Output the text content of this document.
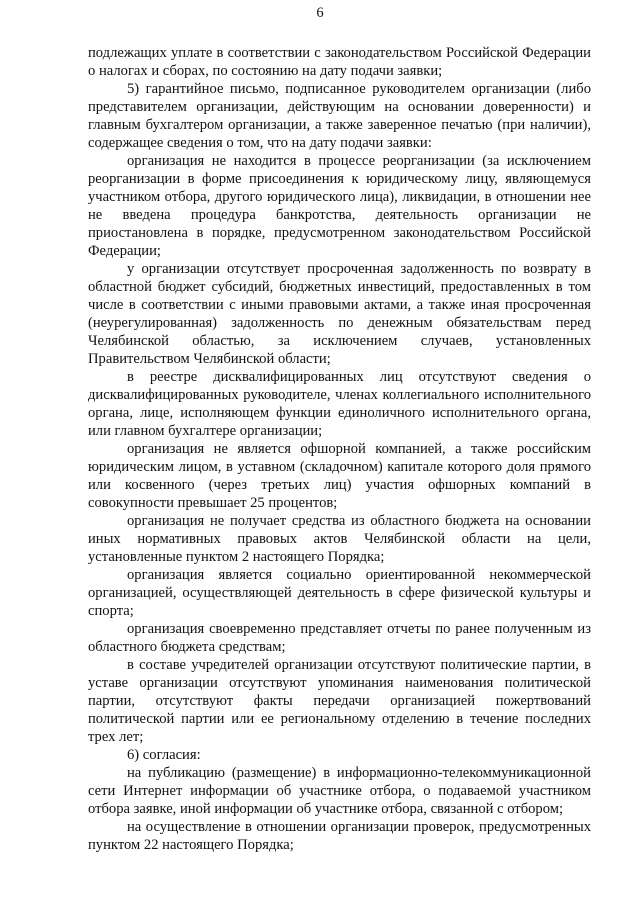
6

подлежащих уплате в соответствии с законодательством Российской Федерации о налогах и сборах, по состоянию на дату подачи заявки;

5) гарантийное письмо, подписанное руководителем организации (либо представителем организации, действующим на основании доверенности) и главным бухгалтером организации, а также заверенное печатью (при наличии), содержащее сведения о том, что на дату подачи заявки:

организация не находится в процессе реорганизации (за исключением реорганизации в форме присоединения к юридическому лицу, являющемуся участником отбора, другого юридического лица), ликвидации, в отношении нее не введена процедура банкротства, деятельность организации не приостановлена в порядке, предусмотренном законодательством Российской Федерации;

у организации отсутствует просроченная задолженность по возврату в областной бюджет субсидий, бюджетных инвестиций, предоставленных в том числе в соответствии с иными правовыми актами, а также иная просроченная (неурегулированная) задолженность по денежным обязательствам перед Челябинской областью, за исключением случаев, установленных Правительством Челябинской области;

в реестре дисквалифицированных лиц отсутствуют сведения о дисквалифицированных руководителе, членах коллегиального исполнительного органа, лице, исполняющем функции единоличного исполнительного органа, или главном бухгалтере организации;

организация не является офшорной компанией, а также российским юридическим лицом, в уставном (складочном) капитале которого доля прямого или косвенного (через третьих лиц) участия офшорных компаний в совокупности превышает 25 процентов;

организация не получает средства из областного бюджета на основании иных нормативных правовых актов Челябинской области на цели, установленные пунктом 2 настоящего Порядка;

организация является социально ориентированной некоммерческой организацией, осуществляющей деятельность в сфере физической культуры и спорта;

организация своевременно представляет отчеты по ранее полученным из областного бюджета средствам;

в составе учредителей организации отсутствуют политические партии, в уставе организации отсутствуют упоминания наименования политической партии, отсутствуют факты передачи организацией пожертвований политической партии или ее региональному отделению в течение последних трех лет;

6) согласия:

на публикацию (размещение) в информационно-телекоммуникационной сети Интернет информации об участнике отбора, о подаваемой участником отбора заявке, иной информации об участнике отбора, связанной с отбором;

на осуществление в отношении организации проверок, предусмотренных пунктом 22 настоящего Порядка;
